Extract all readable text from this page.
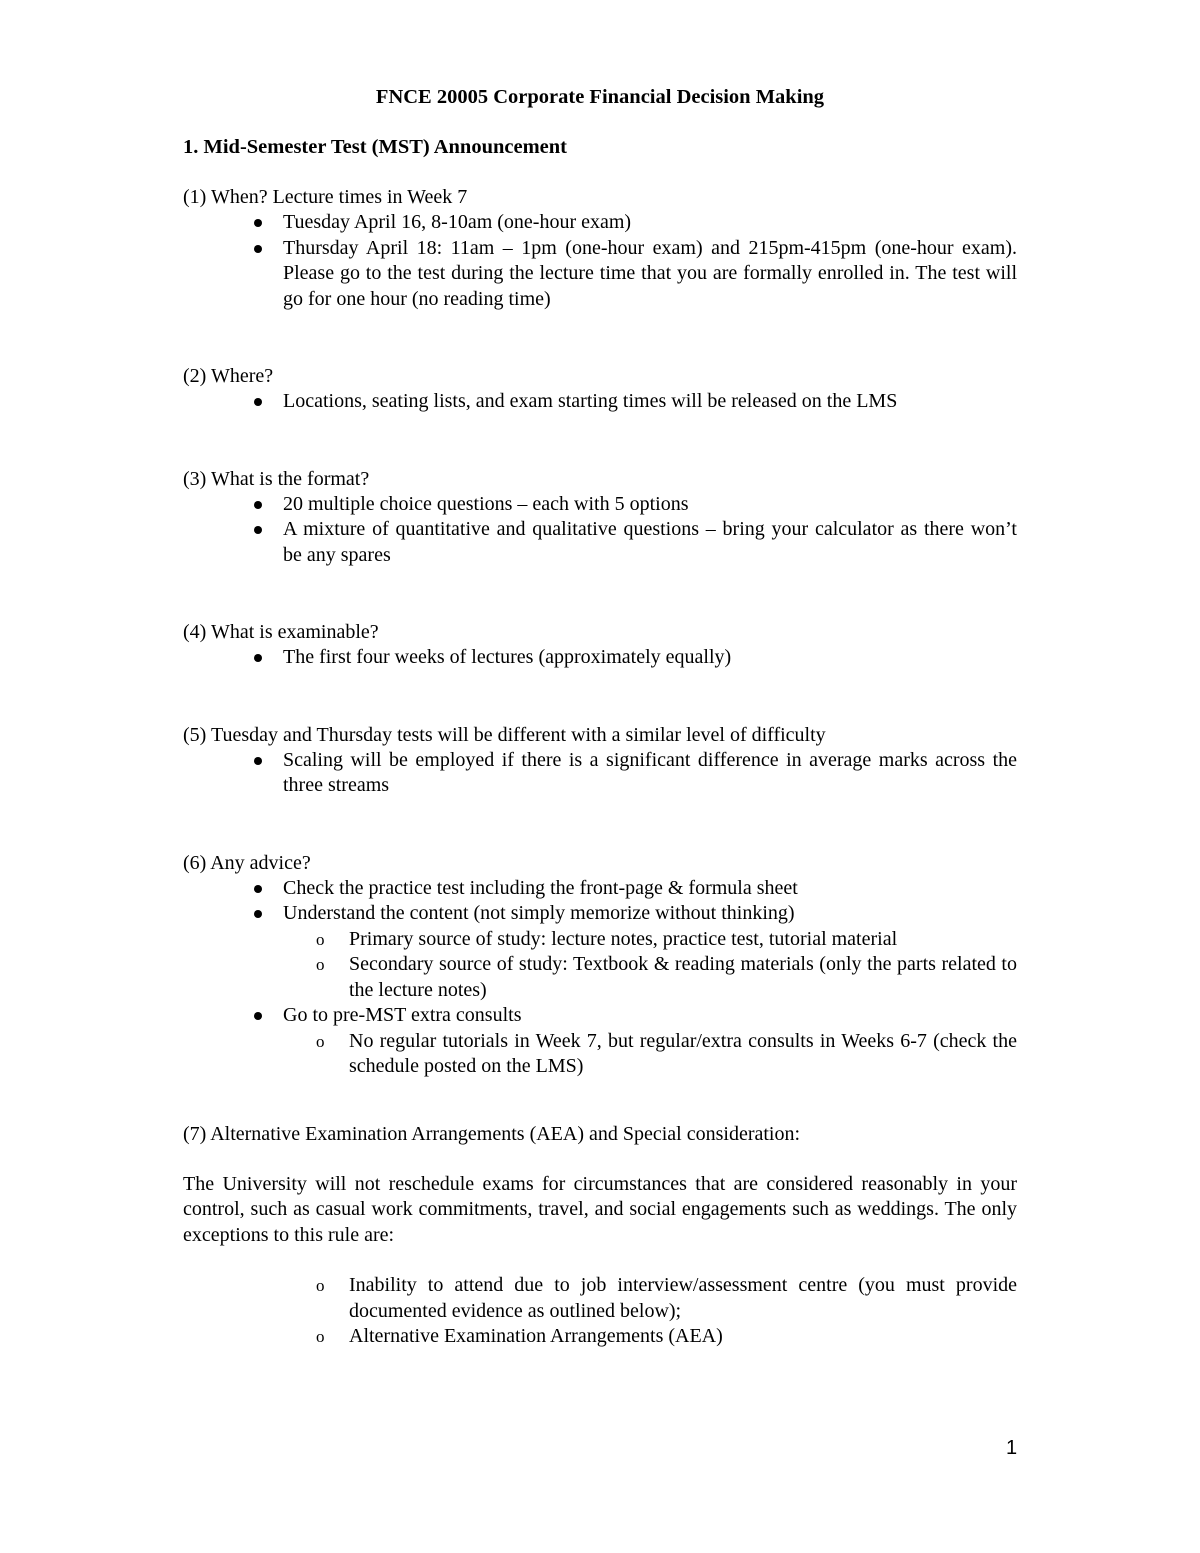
FNCE 20005 Corporate Financial Decision Making
1. Mid-Semester Test (MST) Announcement

(1) When? Lecture times in Week 7

Tuesday April 16, 8-10am (one-hour exam)
Thursday April 18: 11am – 1pm (one-hour exam) and 215pm-415pm (one-hour exam). Please go to the test during the lecture time that you are formally enrolled in. The test will go for one hour (no reading time)

(2) Where?

Locations, seating lists, and exam starting times will be released on the LMS

(3) What is the format?

20 multiple choice questions – each with 5 options
A mixture of quantitative and qualitative questions – bring your calculator as there won’t be any spares

(4) What is examinable?

The first four weeks of lectures (approximately equally)

(5) Tuesday and Thursday tests will be different with a similar level of difficulty

Scaling will be employed if there is a significant difference in average marks across the three streams

(6) Any advice?

Check the practice test including the front-page & formula sheet
Understand the content (not simply memorize without thinking)
o Primary source of study: lecture notes, practice test, tutorial material
o Secondary source of study: Textbook & reading materials (only the parts related to the lecture notes)
Go to pre-MST extra consults
o No regular tutorials in Week 7, but regular/extra consults in Weeks 6-7 (check the schedule posted on the LMS)

(7) Alternative Examination Arrangements (AEA) and Special consideration:

The University will not reschedule exams for circumstances that are considered reasonably in your control, such as casual work commitments, travel, and social engagements such as weddings. The only exceptions to this rule are:

o Inability to attend due to job interview/assessment centre (you must provide documented evidence as outlined below);
o Alternative Examination Arrangements (AEA)
1
